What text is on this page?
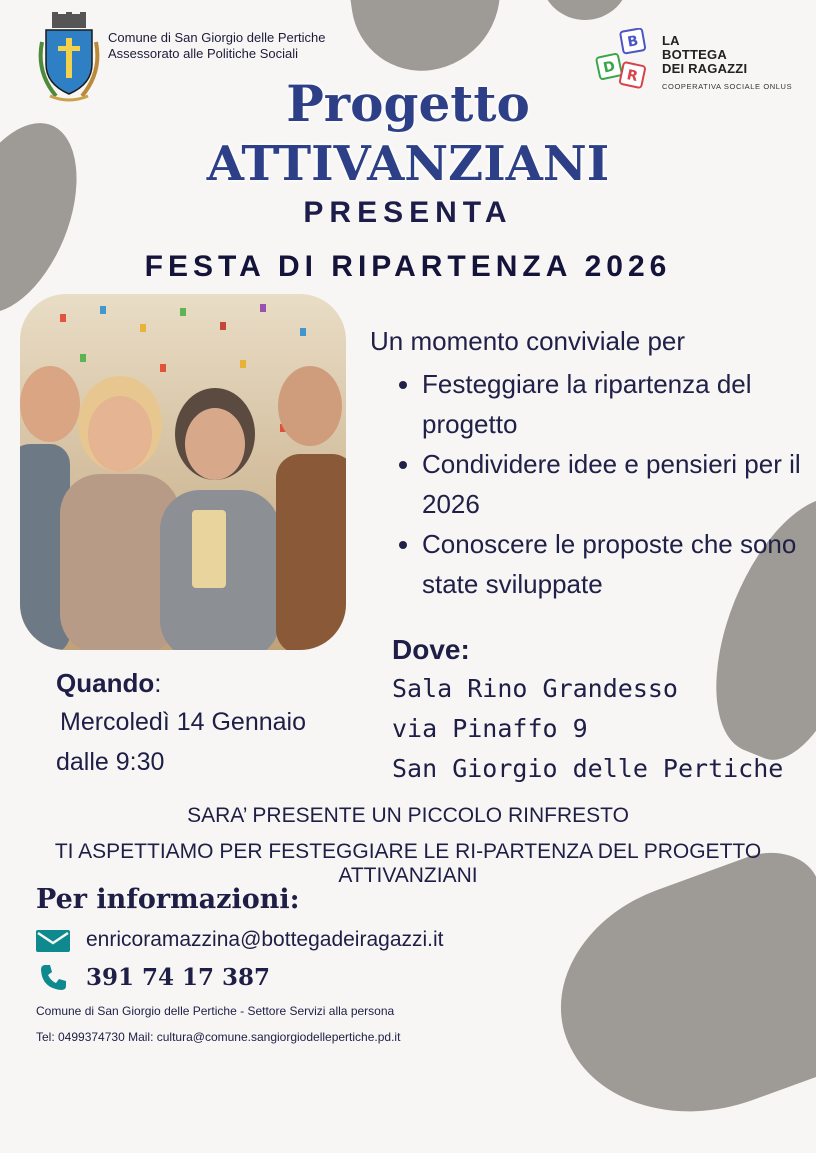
Comune di San Giorgio delle Pertiche
Assessorato alle Politiche Sociali
B
D R
LA
BOTTEGA
DEI RAGAZZI
COOPERATIVA SOCIALE ONLUS
Progetto
ATTIVANZIANI
PRESENTA
FESTA DI RIPARTENZA 2026
Un momento conviviale per
• Festeggiare la ripartenza del progetto
• Condividere idee e pensieri per il 2026
• Conoscere le proposte che sono state sviluppate
Dove:
Sala Rino Grandesso
via Pinaffo 9
San Giorgio delle Pertiche
Quando:
Mercoledì 14 Gennaio
dalle 9:30
SARA’ PRESENTE UN PICCOLO RINFRESTO
TI ASPETTIAMO PER FESTEGGIARE LE RI-PARTENZA DEL PROGETTO ATTIVANZIANI
Per informazioni:
enricoramazzina@bottegadeiragazzi.it
391 74 17 387
Comune di San Giorgio delle Pertiche - Settore Servizi alla persona
Tel: 0499374730 Mail: cultura@comune.sangiorgiodellepertiche.pd.it
